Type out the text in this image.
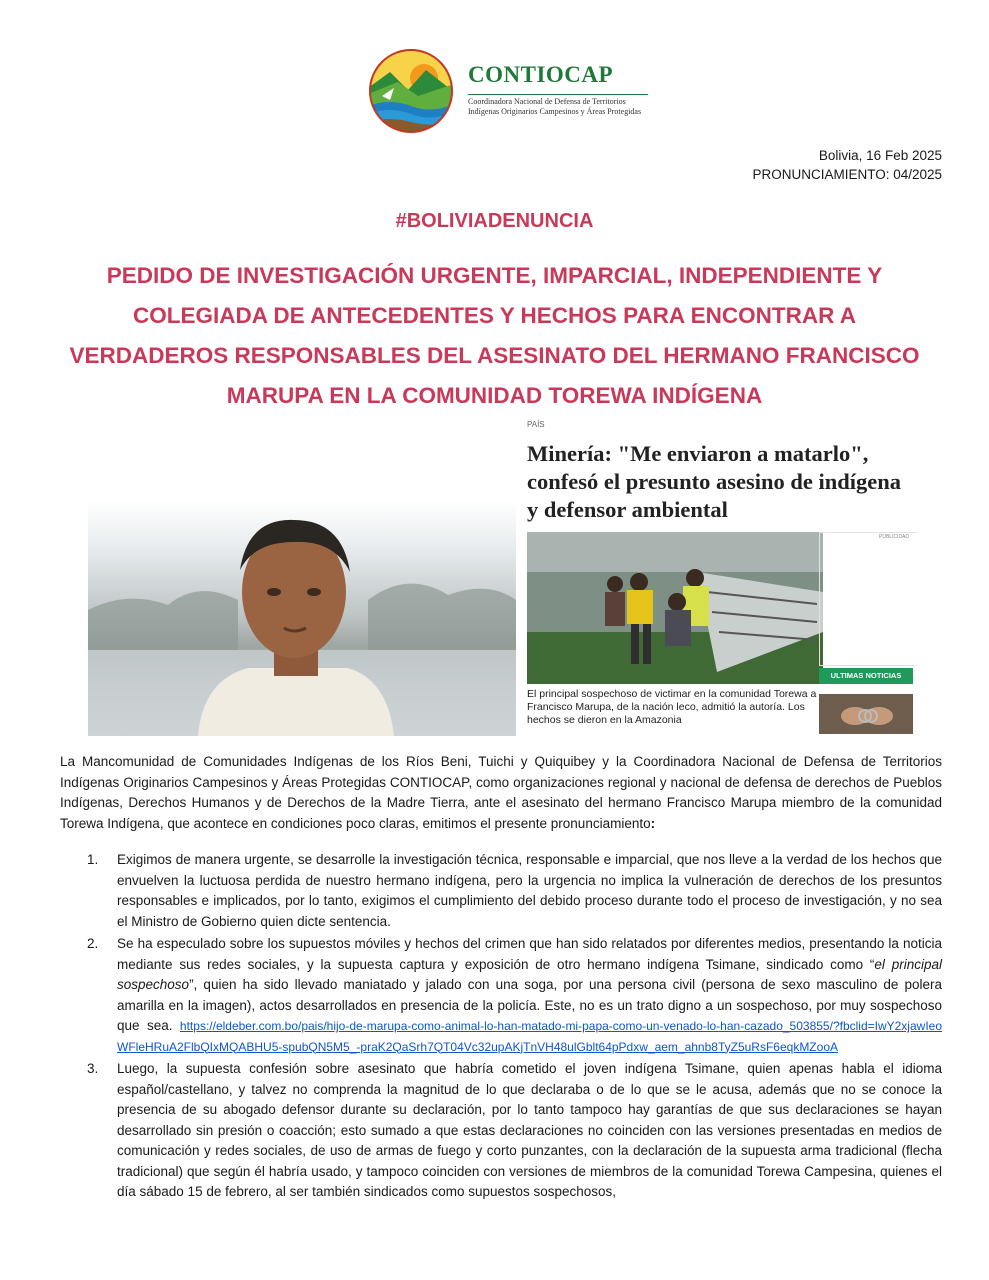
CONTIOCAP
Coordinadora Nacional de Defensa de Territorios
Indígenas Originarios Campesinos y Áreas Protegidas
Bolivia, 16 Feb 2025
PRONUNCIAMIENTO: 04/2025
#BOLIVIADENUNCIA
PEDIDO DE INVESTIGACIÓN URGENTE, IMPARCIAL, INDEPENDIENTE Y COLEGIADA DE ANTECEDENTES Y HECHOS PARA ENCONTRAR A VERDADEROS RESPONSABLES DEL ASESINATO DEL HERMANO FRANCISCO MARUPA EN LA COMUNIDAD TOREWA INDÍGENA
PAÍS
Minería: "Me enviaron a matarlo", confesó el presunto asesino de indígena y defensor ambiental
El principal sospechoso de victimar en la comunidad Torewa a Francisco Marupa, de la nación leco, admitió la autoría. Los hechos se dieron en la Amazonia
PUBLICIDAD
ULTIMAS NOTICIAS

La Mancomunidad de Comunidades Indígenas de los Ríos Beni, Tuichi y Quiquibey y la Coordinadora Nacional de Defensa de Territorios Indígenas Originarios Campesinos y Áreas Protegidas CONTIOCAP, como organizaciones regional y nacional de defensa de derechos de Pueblos Indígenas, Derechos Humanos y de Derechos de la Madre Tierra, ante el asesinato del hermano Francisco Marupa miembro de la comunidad Torewa Indígena, que acontece en condiciones poco claras, emitimos el presente pronunciamiento:

1. Exigimos de manera urgente, se desarrolle la investigación técnica, responsable e imparcial, que nos lleve a la verdad de los hechos que envuelven la luctuosa perdida de nuestro hermano indígena, pero la urgencia no implica la vulneración de derechos de los presuntos responsables e implicados, por lo tanto, exigimos el cumplimiento del debido proceso durante todo el proceso de investigación, y no sea el Ministro de Gobierno quien dicte sentencia.
2. Se ha especulado sobre los supuestos móviles y hechos del crimen que han sido relatados por diferentes medios, presentando la noticia mediante sus redes sociales, y la supuesta captura y exposición de otro hermano indígena Tsimane, sindicado como “el principal sospechoso”, quien ha sido llevado maniatado y jalado con una soga, por una persona civil (persona de sexo masculino de polera amarilla en la imagen), actos desarrollados en presencia de la policía. Este, no es un trato digno a un sospechoso, por muy sospechoso que sea. https://eldeber.com.bo/pais/hijo-de-marupa-como-animal-lo-han-matado-mi-papa-como-un-venado-lo-han-cazado_503855/?fbclid=IwY2xjawIeoWFleHRuA2FlbQIxMQABHU5-spubQN5M5_-praK2QaSrh7QT04Vc32upAKjTnVH48ulGblt64pPdxw_aem_ahnb8TyZ5uRsF6eqkMZooA
3. Luego, la supuesta confesión sobre asesinato que habría cometido el joven indígena Tsimane, quien apenas habla el idioma español/castellano, y talvez no comprenda la magnitud de lo que declaraba o de lo que se le acusa, además que no se conoce la presencia de su abogado defensor durante su declaración, por lo tanto tampoco hay garantías de que sus declaraciones se hayan desarrollado sin presión o coacción; esto sumado a que estas declaraciones no coinciden con las versiones presentadas en medios de comunicación y redes sociales, de uso de armas de fuego y corto punzantes, con la declaración de la supuesta arma tradicional (flecha tradicional) que según él habría usado, y tampoco coinciden con versiones de miembros de la comunidad Torewa Campesina, quienes el día sábado 15 de febrero, al ser también sindicados como supuestos sospechosos,
